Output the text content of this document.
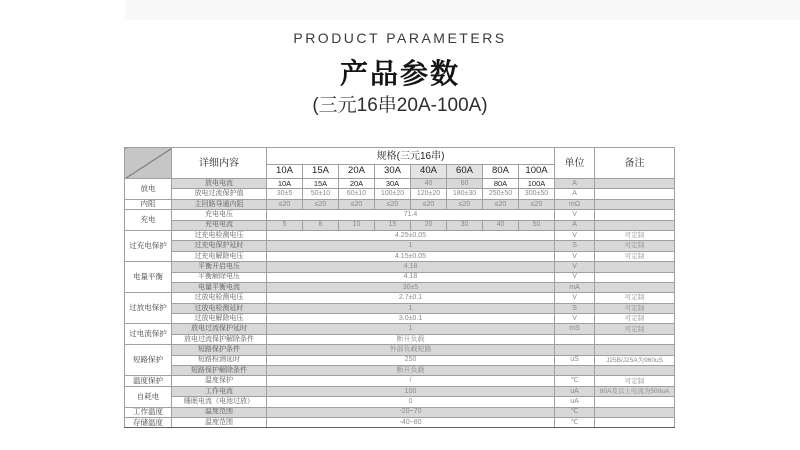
PRODUCT PARAMETERS
产品参数
(三元16串20A-100A)
	详细内容	规格(三元16串)								单位	备注
		10A	15A	20A	30A	40A	60A	80A	100A		
放电	放电电流	10A	15A	20A	30A	40	60	80A	100A	A	
	放电过流保护值	30±5	50±10	60±10	100±20	120±20	180±30	250±50	300±50	A	
内阻	主回路导通内阻	≤20	≤20	≤20	≤20	≤20	≤20	≤20	≤20	mΩ	
充电	充电电压	71.4								V	
	充电电流	5	8	10	15	20	30	40	50	A	
过充电保护	过充电检测电压	4.25±0.05								V	可定制
	过充电保护延时	1								S	可定制
	过充电解除电压	4.15±0.05								V	可定制
电量平衡	平衡开启电压	4.18								V	
	平衡解除电压	4.18								V	
	电量平衡电流	30±5								mA	
过放电保护	过放电检测电压	2.7±0.1								V	可定制
	过放电检测延时	1								S	可定制
	过放电解除电压	3.0±0.1								V	可定制
过电流保护	放电过流保护延时	1								mS	可定制
	放电过流保护解除条件	断开负载									
短路保护	短路保护条件	外部负载短路									
	短路检测延时	250								uS	J25B/J25A为960uS
	短路保护解除条件	断开负载									
温度保护	温度保护	/								℃	可定制
自耗电	工作电流	100								uA	80A及以上电流为500uA
	睡眠电流（电池过放）	0								uA	
工作温度	温度范围	-20~70								℃	
存储温度	温度范围	-40~80								℃	
